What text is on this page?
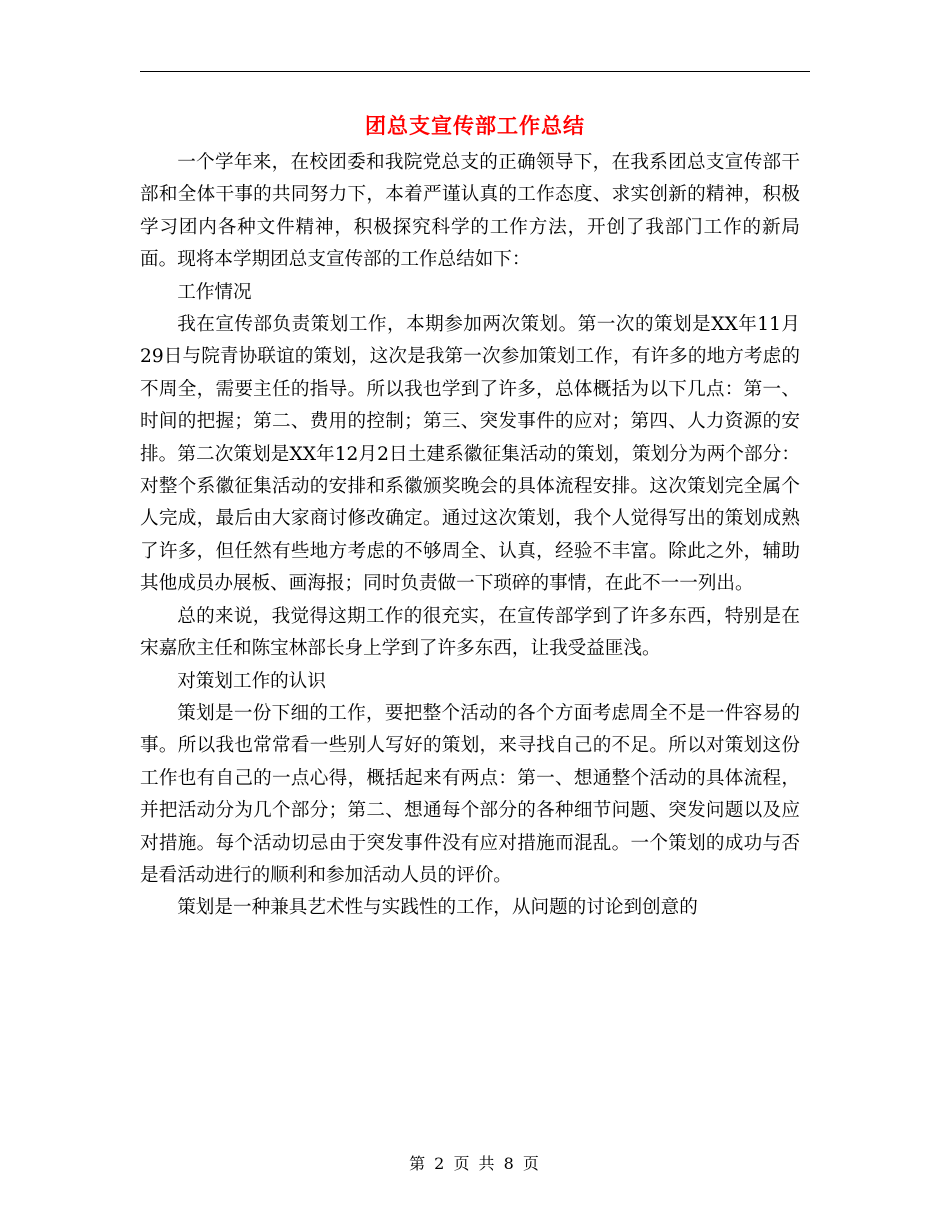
团总支宣传部工作总结

一个学年来，在校团委和我院党总支的正确领导下，在我系团总支宣传部干部和全体干事的共同努力下，本着严谨认真的工作态度、求实创新的精神，积极学习团内各种文件精神，积极探究科学的工作方法，开创了我部门工作的新局面。现将本学期团总支宣传部的工作总结如下：

工作情况

我在宣传部负责策划工作，本期参加两次策划。第一次的策划是XX年11月29日与院青协联谊的策划，这次是我第一次参加策划工作，有许多的地方考虑的不周全，需要主任的指导。所以我也学到了许多，总体概括为以下几点：第一、时间的把握；第二、费用的控制；第三、突发事件的应对；第四、人力资源的安排。第二次策划是XX年12月2日土建系徽征集活动的策划，策划分为两个部分：对整个系徽征集活动的安排和系徽颁奖晚会的具体流程安排。这次策划完全属个人完成，最后由大家商讨修改确定。通过这次策划，我个人觉得写出的策划成熟了许多，但任然有些地方考虑的不够周全、认真，经验不丰富。除此之外，辅助其他成员办展板、画海报；同时负责做一下琐碎的事情，在此不一一列出。

总的来说，我觉得这期工作的很充实，在宣传部学到了许多东西，特别是在宋嘉欣主任和陈宝林部长身上学到了许多东西，让我受益匪浅。

对策划工作的认识

策划是一份下细的工作，要把整个活动的各个方面考虑周全不是一件容易的事。所以我也常常看一些别人写好的策划，来寻找自己的不足。所以对策划这份工作也有自己的一点心得，概括起来有两点：第一、想通整个活动的具体流程，并把活动分为几个部分；第二、想通每个部分的各种细节问题、突发问题以及应对措施。每个活动切忌由于突发事件没有应对措施而混乱。一个策划的成功与否是看活动进行的顺利和参加活动人员的评价。

策划是一种兼具艺术性与实践性的工作，从问题的讨论到创意的

第 2 页 共 8 页
